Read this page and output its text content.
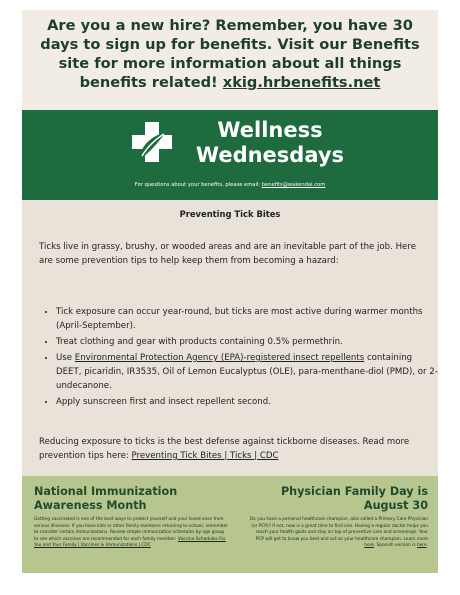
Are you a new hire? Remember, you have 30 days to sign up for benefits. Visit our Benefits site for more information about all things benefits related! xkig.hrbenefits.net

Wellness
Wednesdays
For questions about your benefits, please email: benefits@wakendal.com
Preventing Tick Bites

Ticks live in grassy, brushy, or wooded areas and are an inevitable part of the job. Here are some prevention tips to help keep them from becoming a hazard:

• Tick exposure can occur year-round, but ticks are most active during warmer months (April-September).
• Treat clothing and gear with products containing 0.5% permethrin.
• Use Environmental Protection Agency (EPA)-registered insect repellents containing DEET, picaridin, IR3535, Oil of Lemon Eucalyptus (OLE), para-menthane-diol (PMD), or 2-undecanone.
• Apply sunscreen first and insect repellent second.

Reducing exposure to ticks is the best defense against tickborne diseases. Read more prevention tips here: Preventing Tick Bites | Ticks | CDC

National Immunization Awareness Month
Getting vaccinated is one of the best ways to protect yourself and your loved ones from serious illnesses. If you have kids or other family members returning to school, remember to consider certain immunizations. Review simple immunization schedules by age group to see which vaccines are recommended for each family member: Vaccine Schedules For You and Your Family | Vaccines & Immunizations | CDC
Physician Family Day is August 30
Do you have a personal healthcare champion, also called a Primary Care Physician (or PCP)? If not, now is a great time to find one. Having a regular doctor helps you reach your health goals and stay on top of preventive care and screenings. Your PCP will get to know you best and act as your healthcare champion. Learn more here. Spanish version is here.
